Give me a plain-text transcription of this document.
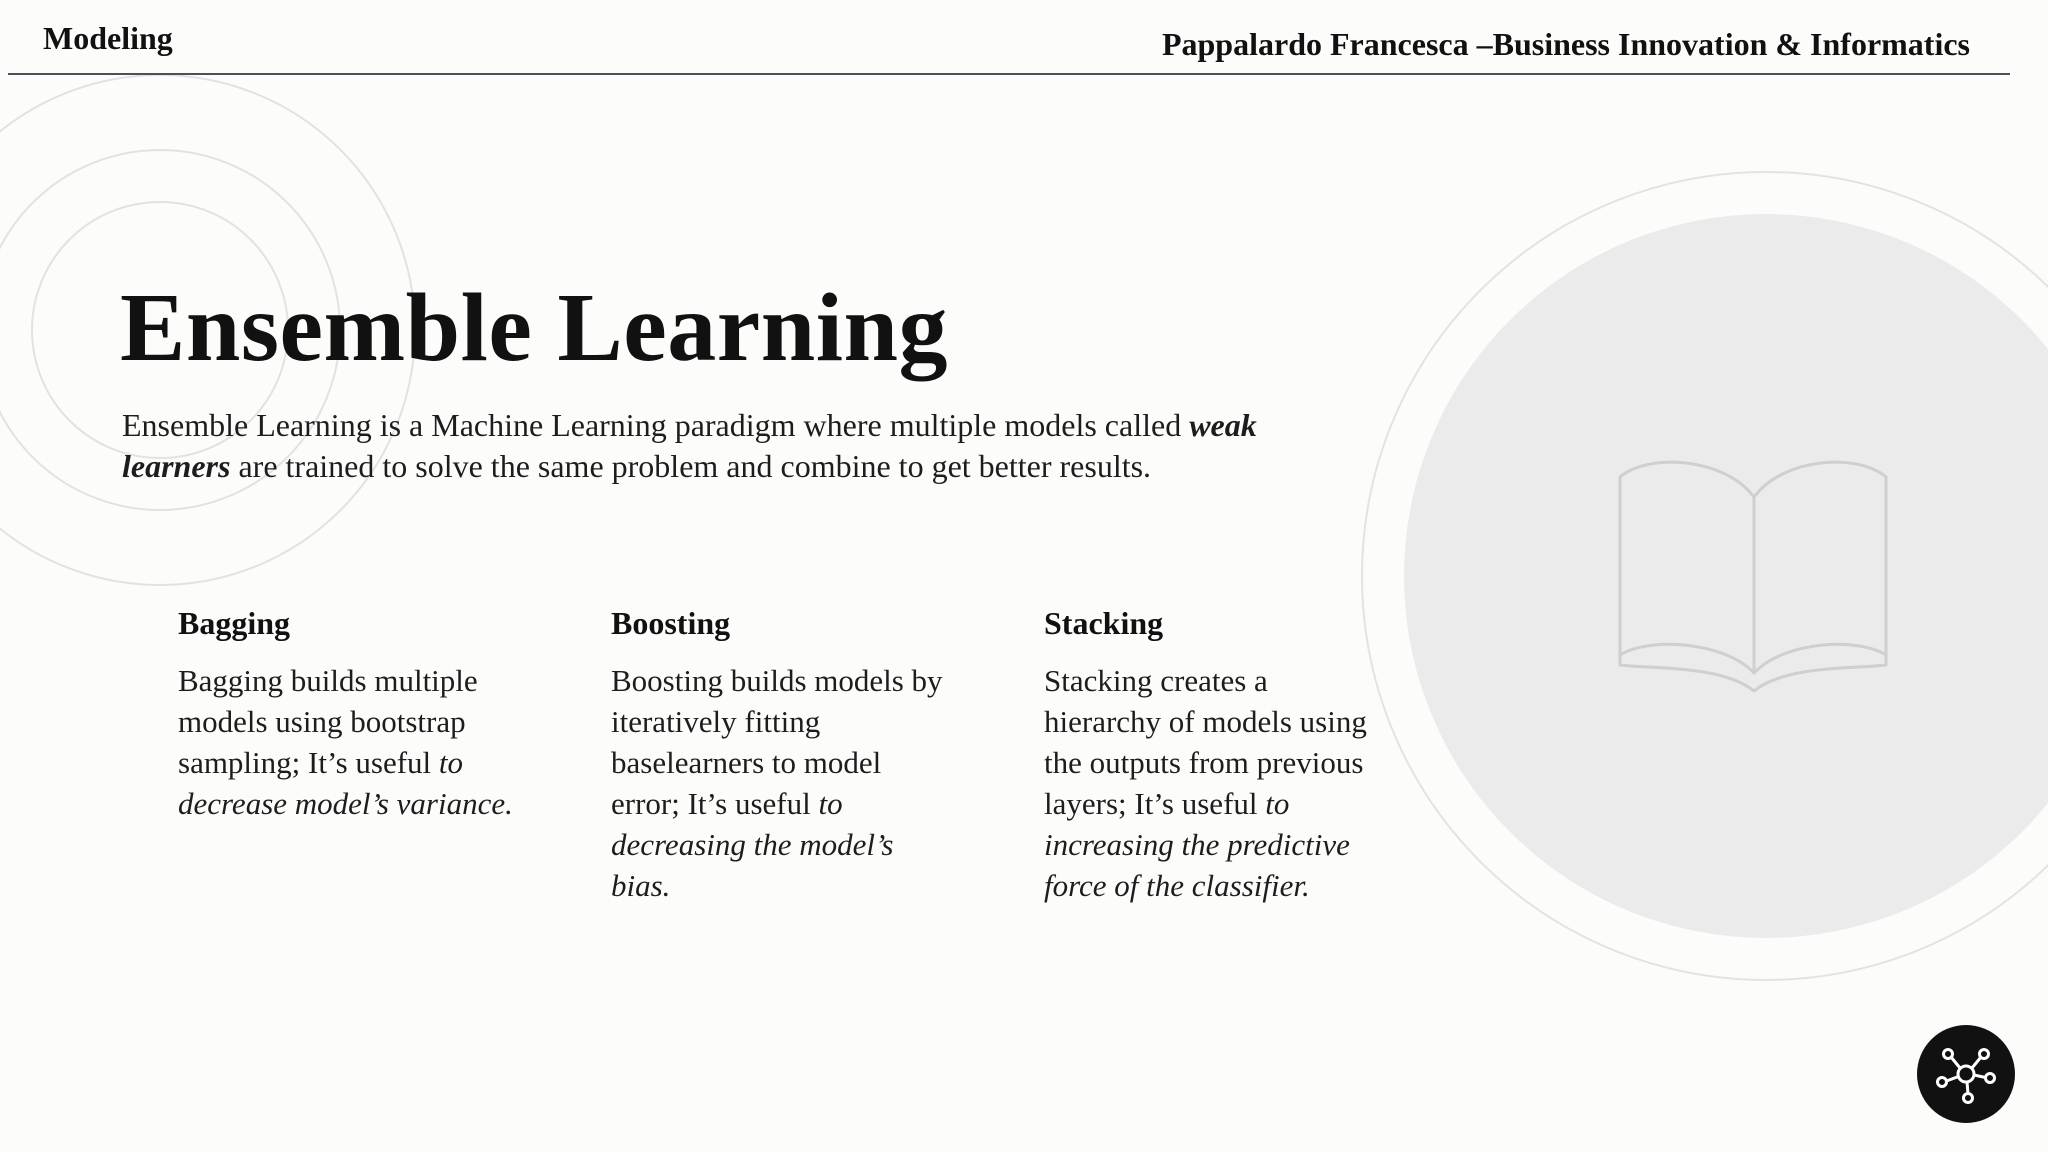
Modeling	Pappalardo Francesca –Business Innovation & Informatics
Ensemble Learning

Ensemble Learning is a Machine Learning paradigm where multiple models called weak learners are trained to solve the same problem and combine to get better results.

Bagging

Bagging builds multiple models using bootstrap sampling; It’s useful to decrease model’s variance.

Boosting

Boosting builds models by iteratively fitting baselearners to model error; It’s useful to decreasing the model’s bias.

Stacking

Stacking creates a hierarchy of models using the outputs from previous layers; It’s useful to increasing the predictive force of the classifier.
